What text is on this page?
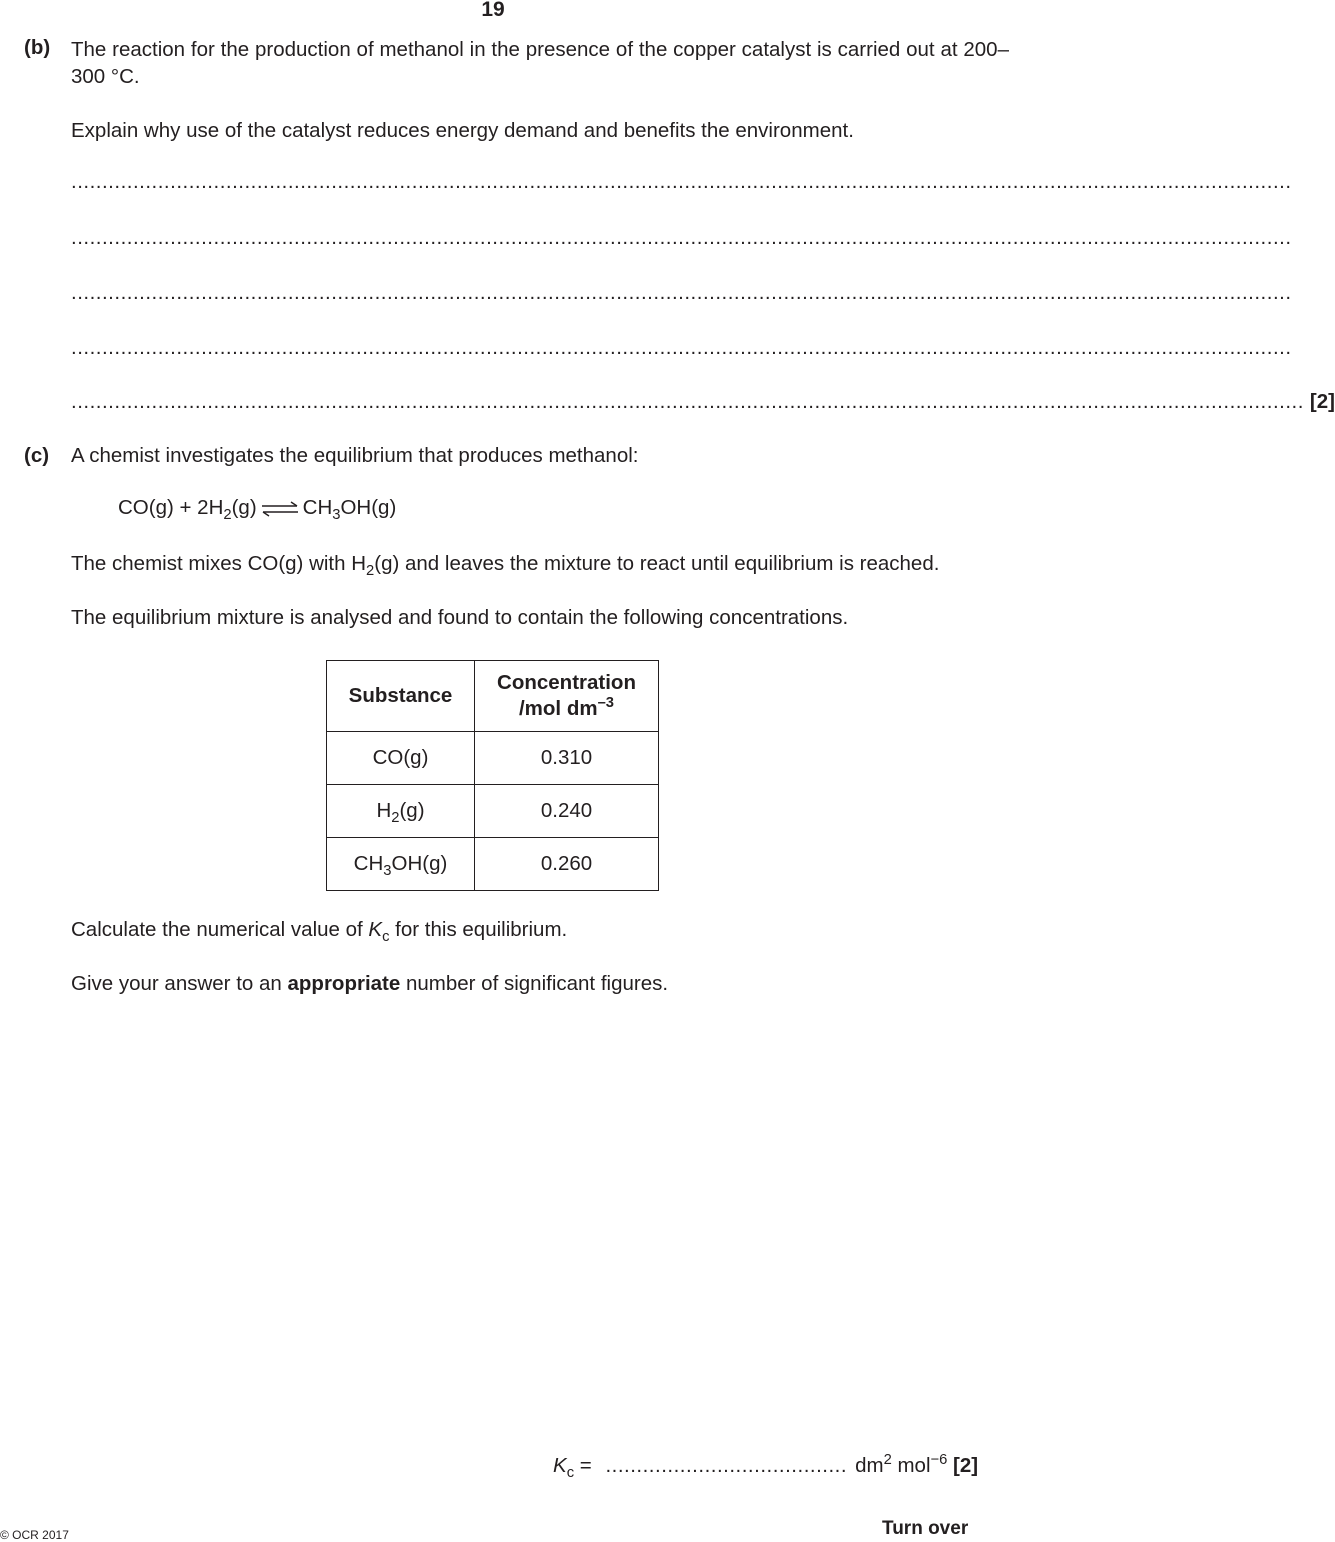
19
(b) The reaction for the production of methanol in the presence of the copper catalyst is carried out at 200–300 °C.
Explain why use of the catalyst reduces energy demand and benefits the environment.
.....................................................................................................................................................................................................
.....................................................................................................................................................................................................
.....................................................................................................................................................................................................
.....................................................................................................................................................................................................
....................................................................................................................................................................................................... [2]
(c) A chemist investigates the equilibrium that produces methanol:
$CO(g) + 2H_2(g)$ ⇌ $CH_3OH(g)$
The chemist mixes CO(g) with $H_2(g)$ and leaves the mixture to react until equilibrium is reached.
The equilibrium mixture is analysed and found to contain the following concentrations.
Substance	Concentration
/mol $dm^{-3}$
CO(g)	0.310
$H_2(g)$	0.240
$CH_3OH(g)$	0.260
Calculate the numerical value of $K_c$ for this equilibrium.
Give your answer to an appropriate number of significant figures.
$K_c$ = ....................................... $dm^2$ mol$^{-6}$ [2]
© OCR 2017	Turn over
